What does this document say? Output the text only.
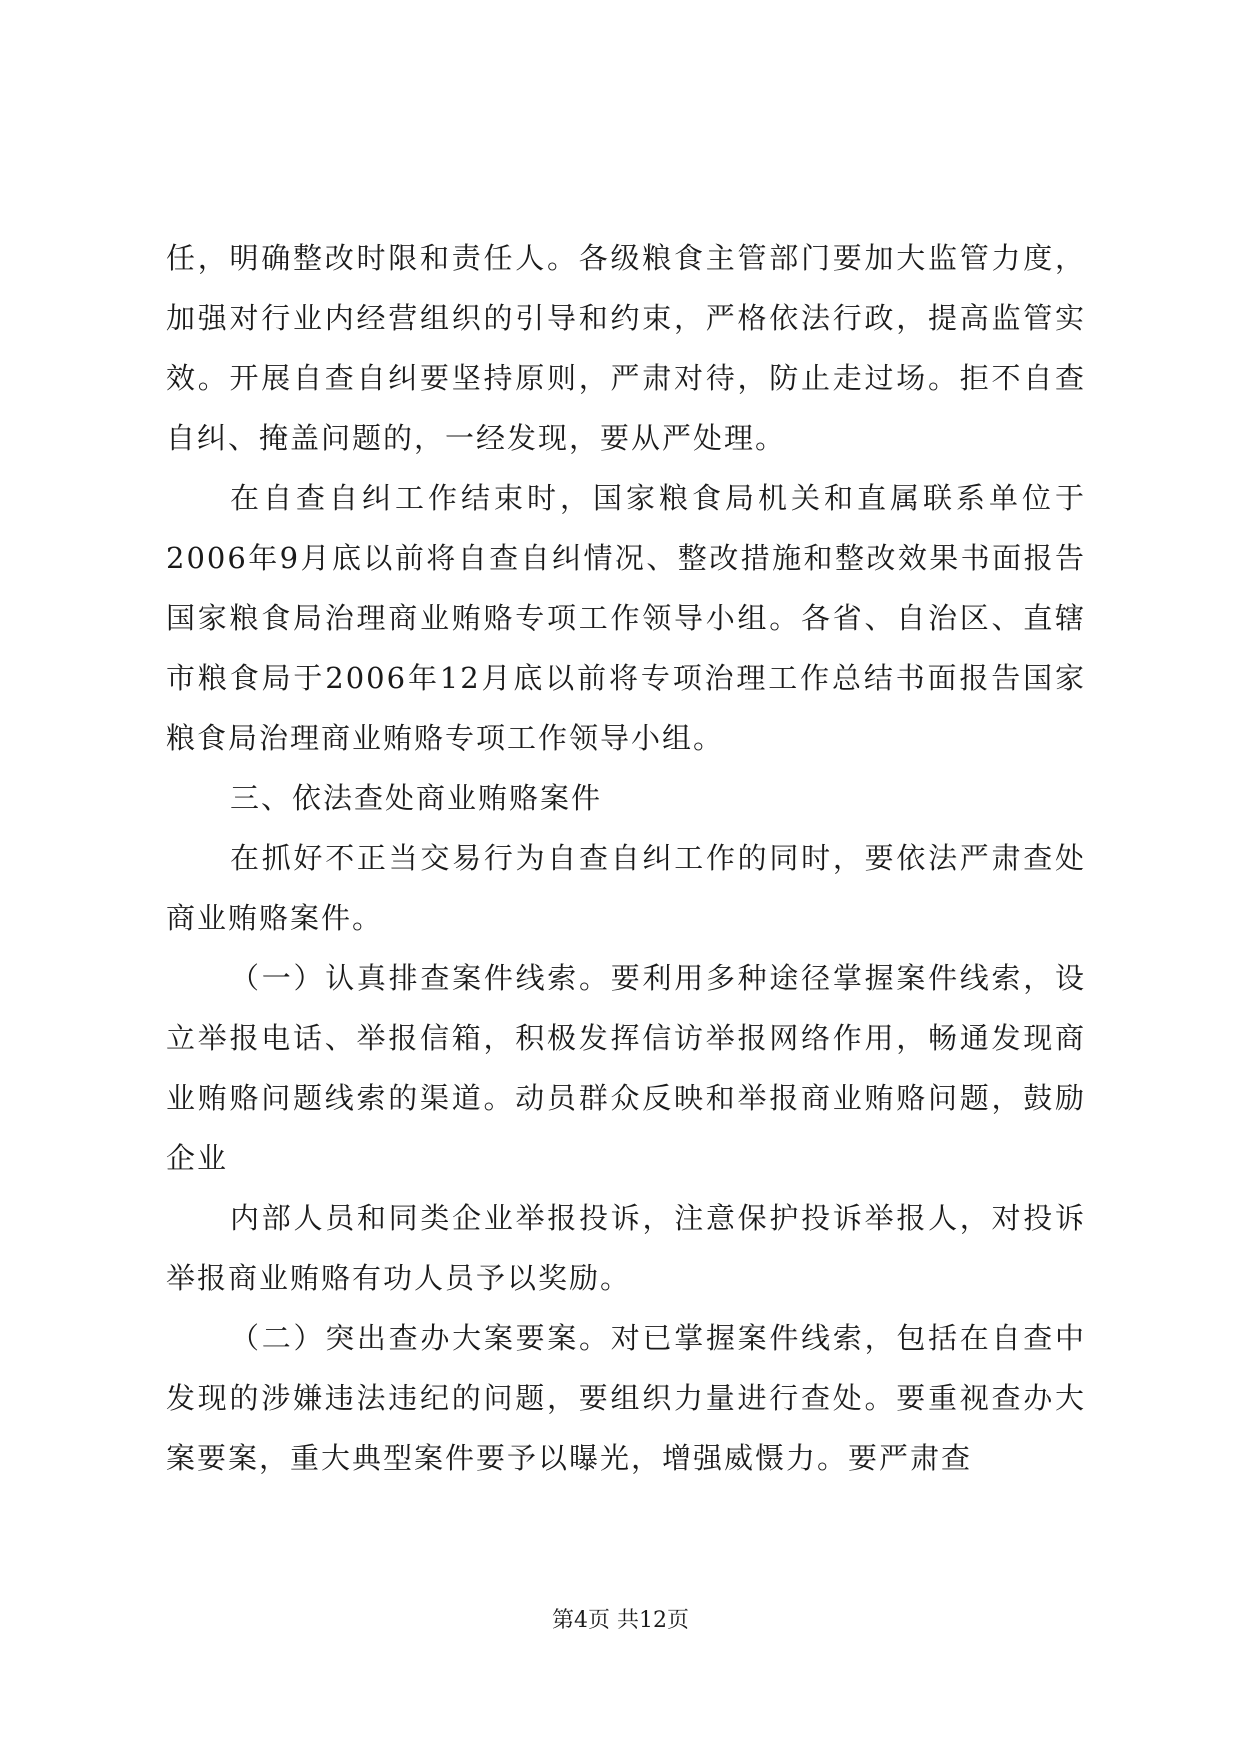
任，明确整改时限和责任人。各级粮食主管部门要加大监管力度，加强对行业内经营组织的引导和约束，严格依法行政，提高监管实效。开展自查自纠要坚持原则，严肃对待，防止走过场。拒不自查自纠、掩盖问题的，一经发现，要从严处理。

在自查自纠工作结束时，国家粮食局机关和直属联系单位于2006年9月底以前将自查自纠情况、整改措施和整改效果书面报告国家粮食局治理商业贿赂专项工作领导小组。各省、自治区、直辖市粮食局于2006年12月底以前将专项治理工作总结书面报告国家粮食局治理商业贿赂专项工作领导小组。

三、依法查处商业贿赂案件

在抓好不正当交易行为自查自纠工作的同时，要依法严肃查处商业贿赂案件。

（一）认真排查案件线索。要利用多种途径掌握案件线索，设立举报电话、举报信箱，积极发挥信访举报网络作用，畅通发现商业贿赂问题线索的渠道。动员群众反映和举报商业贿赂问题，鼓励企业

内部人员和同类企业举报投诉，注意保护投诉举报人，对投诉举报商业贿赂有功人员予以奖励。

（二）突出查办大案要案。对已掌握案件线索，包括在自查中发现的涉嫌违法违纪的问题，要组织力量进行查处。要重视查办大案要案，重大典型案件要予以曝光，增强威慑力。要严肃查

第4页 共12页
